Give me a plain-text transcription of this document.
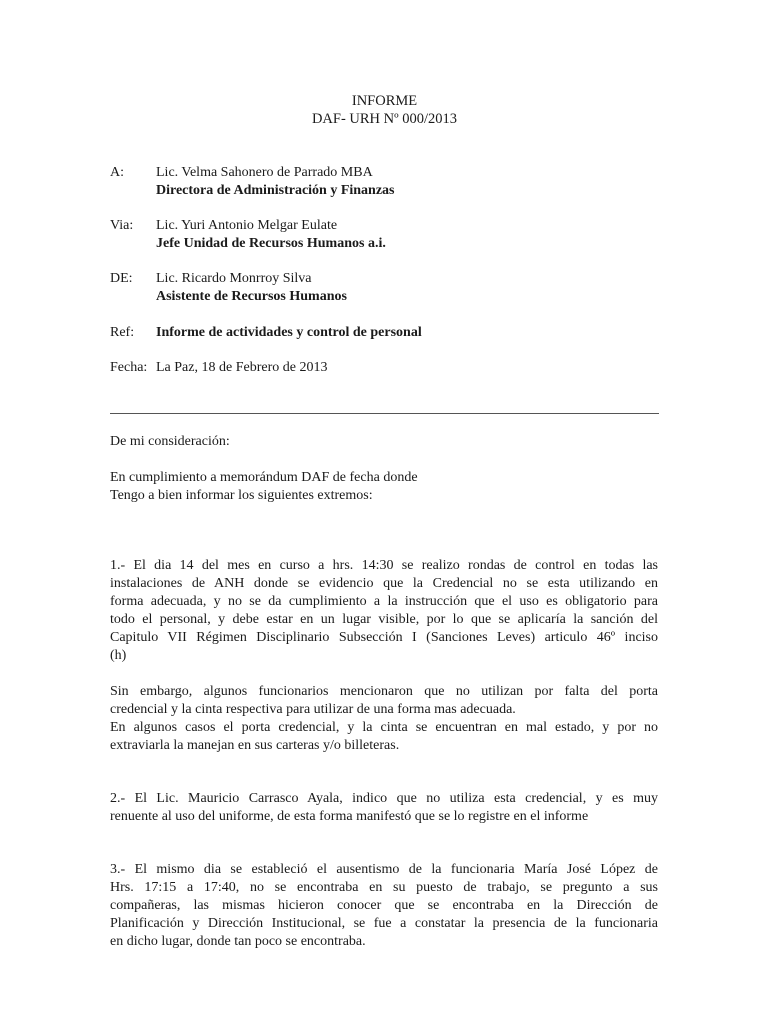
INFORME
DAF- URH Nº 000/2013
A:	Lic. Velma Sahonero de Parrado MBA
Directora de Administración y Finanzas
Via:	Lic. Yuri Antonio Melgar Eulate
Jefe Unidad de Recursos Humanos a.i.
DE:	Lic. Ricardo Monrroy Silva
Asistente de Recursos Humanos
Ref:	Informe de actividades y control de personal
Fecha: La Paz, 18 de Febrero de 2013
De mi consideración:
En cumplimiento a memorándum DAF de fecha donde
Tengo a bien informar los siguientes extremos:
1.- El dia 14 del mes en curso a hrs. 14:30 se realizo rondas de control en todas las
instalaciones de ANH donde se evidencio que la Credencial no se esta utilizando en
forma adecuada, y no se da cumplimiento a la instrucción que el uso es obligatorio para
todo el personal, y debe estar en un lugar visible, por lo que se aplicaría la sanción del
Capitulo VII Régimen Disciplinario Subsección I (Sanciones Leves) articulo 46º inciso
(h)
Sin embargo, algunos funcionarios mencionaron que no utilizan por falta del porta
credencial y la cinta respectiva para utilizar de una forma mas adecuada.
En algunos casos el porta credencial, y la cinta se encuentran en mal estado, y por no
extraviarla la manejan en sus carteras y/o billeteras.
2.- El Lic. Mauricio Carrasco Ayala, indico que no utiliza esta credencial, y es muy
renuente al uso del uniforme, de esta forma manifestó que se lo registre en el informe
3.- El mismo dia se estableció el ausentismo de la funcionaria María José López de
Hrs. 17:15 a 17:40, no se encontraba en su puesto de trabajo, se pregunto a sus
compañeras, las mismas hicieron conocer que se encontraba en la Dirección de
Planificación y Dirección Institucional, se fue a constatar la presencia de la funcionaria
en dicho lugar, donde tan poco se encontraba.
